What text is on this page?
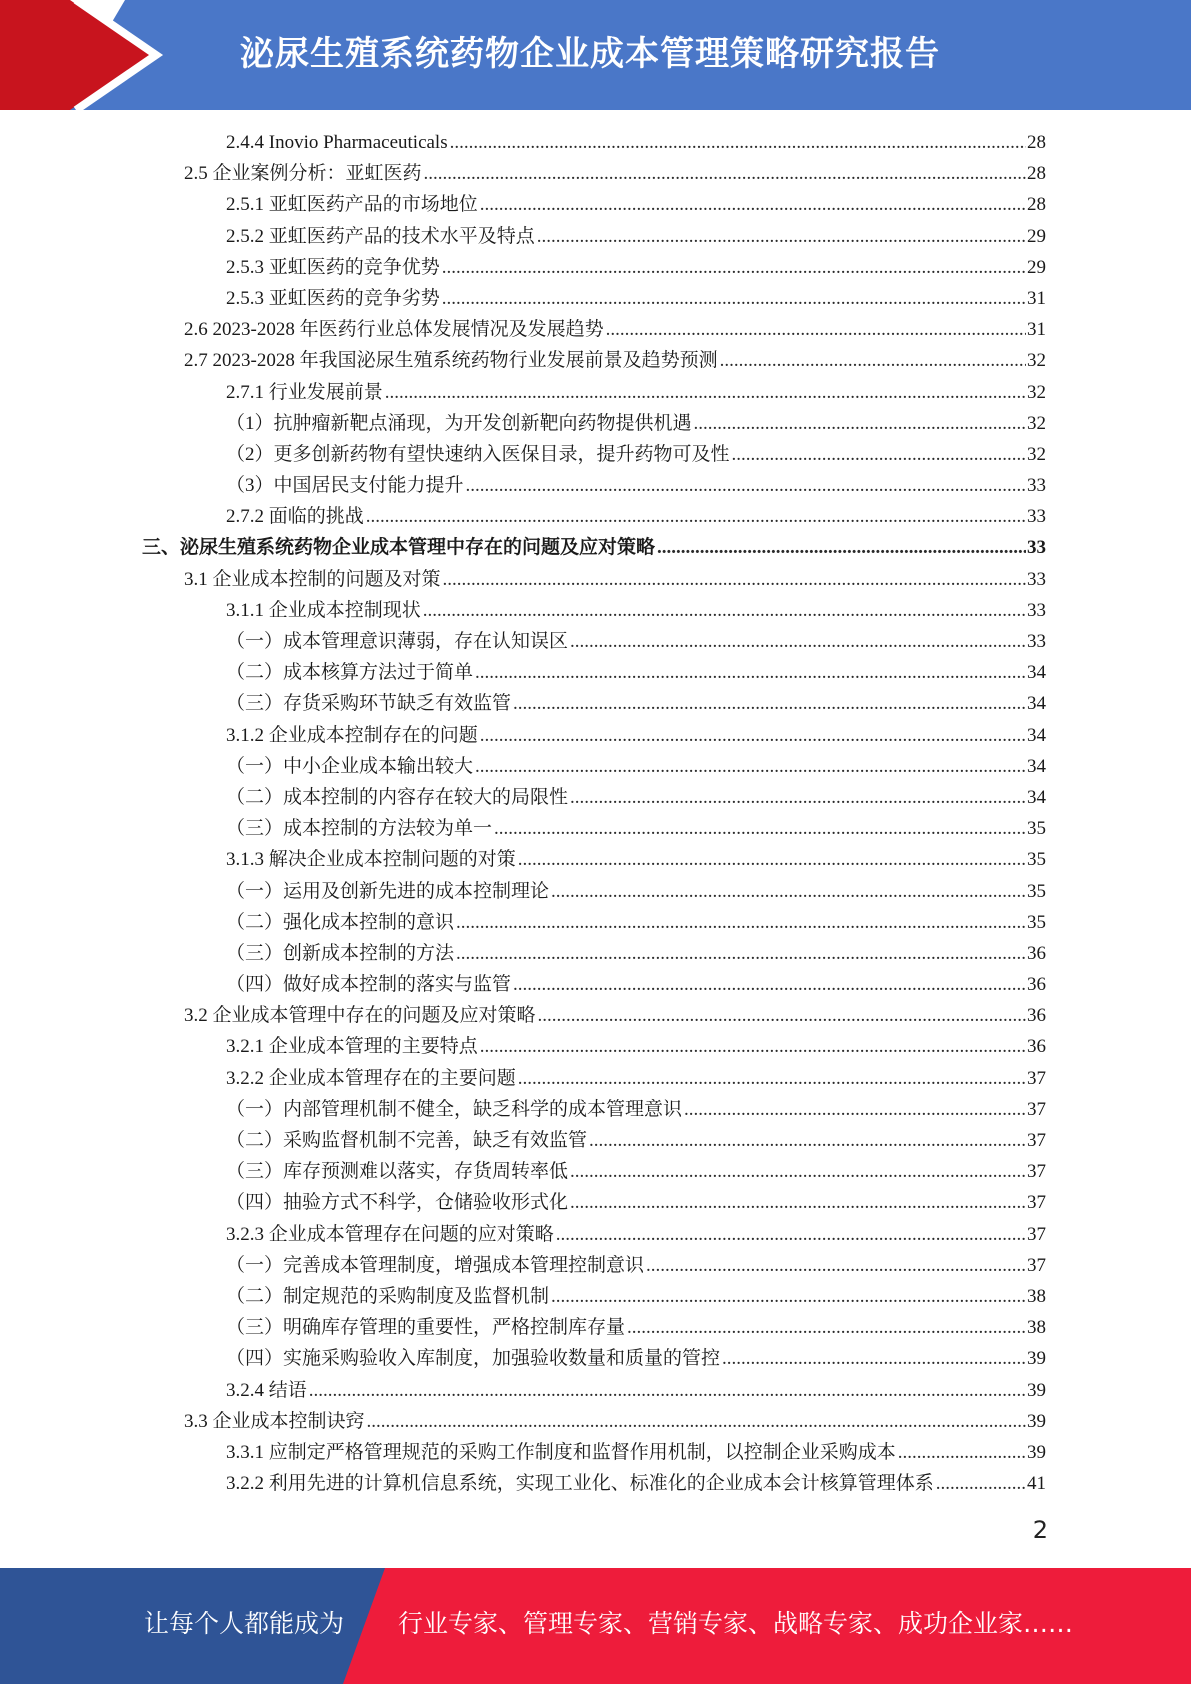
泌尿生殖系统药物企业成本管理策略研究报告
2.4.4 Inovio Pharmaceuticals .....	28
2.5 企业案例分析：亚虹医药 .....	28
2.5.1 亚虹医药产品的市场地位 .....	28
2.5.2 亚虹医药产品的技术水平及特点 .....	29
2.5.3 亚虹医药的竞争优势 .....	29
2.5.3 亚虹医药的竞争劣势 .....	31
2.6 2023-2028 年医药行业总体发展情况及发展趋势 .....	31
2.7 2023-2028 年我国泌尿生殖系统药物行业发展前景及趋势预测 .....	32
2.7.1 行业发展前景 .....	32
（1）抗肿瘤新靶点涌现，为开发创新靶向药物提供机遇 .....	32
（2）更多创新药物有望快速纳入医保目录，提升药物可及性 .....	32
（3）中国居民支付能力提升 .....	33
2.7.2 面临的挑战 .....	33
三、泌尿生殖系统药物企业成本管理中存在的问题及应对策略 .....	33
3.1 企业成本控制的问题及对策 .....	33
3.1.1 企业成本控制现状 .....	33
（一）成本管理意识薄弱，存在认知误区 .....	33
（二）成本核算方法过于简单 .....	34
（三）存货采购环节缺乏有效监管 .....	34
3.1.2 企业成本控制存在的问题 .....	34
（一）中小企业成本输出较大 .....	34
（二）成本控制的内容存在较大的局限性 .....	34
（三）成本控制的方法较为单一 .....	35
3.1.3 解决企业成本控制问题的对策 .....	35
（一）运用及创新先进的成本控制理论 .....	35
（二）强化成本控制的意识 .....	35
（三）创新成本控制的方法 .....	36
（四）做好成本控制的落实与监管 .....	36
3.2 企业成本管理中存在的问题及应对策略 .....	36
3.2.1 企业成本管理的主要特点 .....	36
3.2.2 企业成本管理存在的主要问题 .....	37
（一）内部管理机制不健全，缺乏科学的成本管理意识 .....	37
（二）采购监督机制不完善，缺乏有效监管 .....	37
（三）库存预测难以落实，存货周转率低 .....	37
（四）抽验方式不科学，仓储验收形式化 .....	37
3.2.3 企业成本管理存在问题的应对策略 .....	37
（一）完善成本管理制度，增强成本管理控制意识 .....	37
（二）制定规范的采购制度及监督机制 .....	38
（三）明确库存管理的重要性，严格控制库存量 .....	38
（四）实施采购验收入库制度，加强验收数量和质量的管控 .....	39
3.2.4 结语 .....	39
3.3 企业成本控制诀窍 .....	39
3.3.1 应制定严格管理规范的采购工作制度和监督作用机制，以控制企业采购成本 .....	39
3.2.2 利用先进的计算机信息系统，实现工业化、标准化的企业成本会计核算管理体系 .....	41
2
让每个人都能成为 行业专家、管理专家、营销专家、战略专家、成功企业家……
